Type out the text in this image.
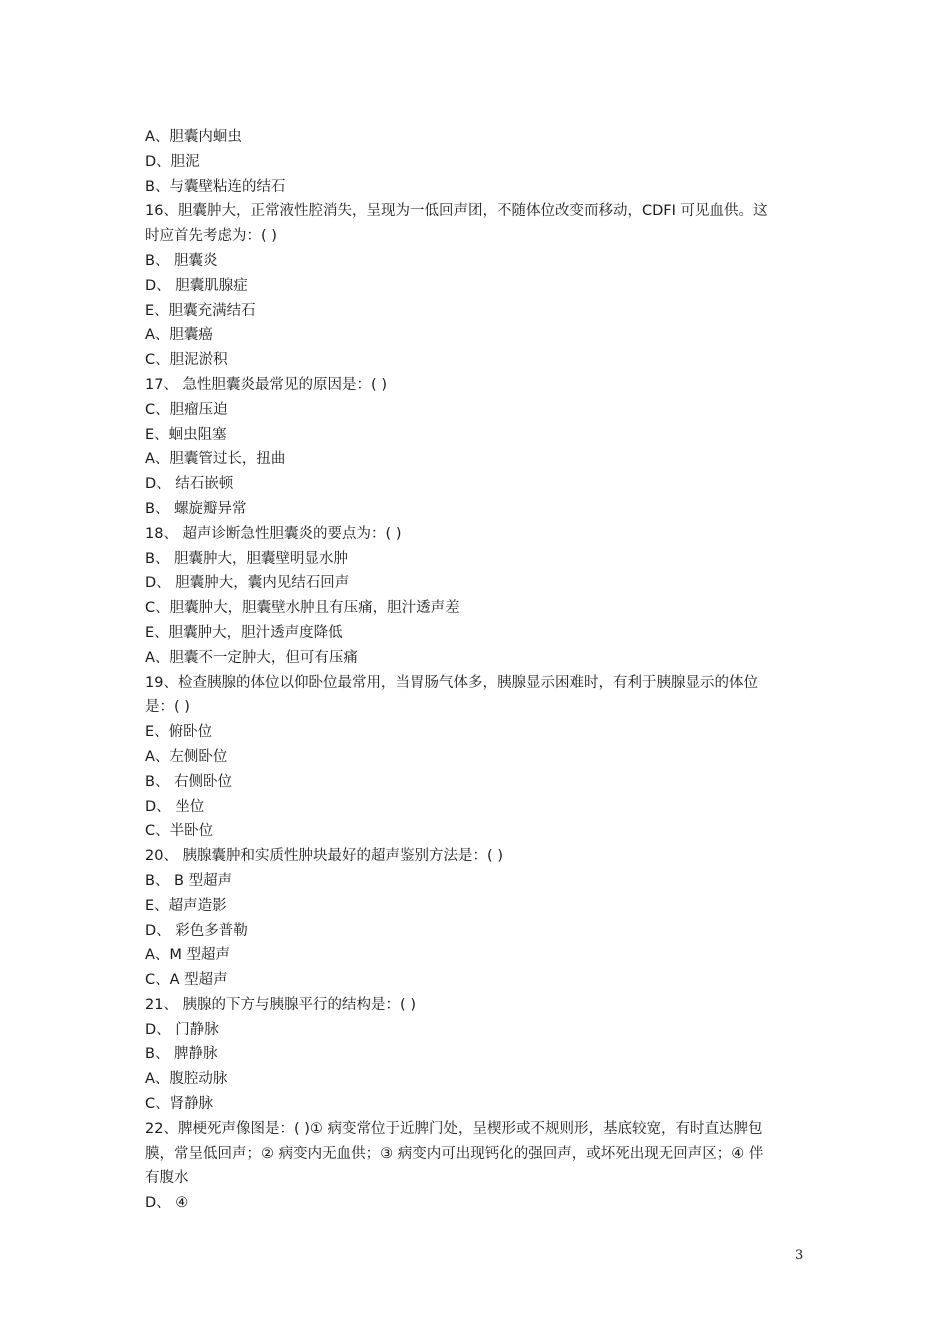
A、胆囊内蛔虫

D、胆泥

B、与囊壁粘连的结石

16、胆囊肿大，正常液性腔消失，呈现为一低回声团，不随体位改变而移动，CDFI 可见血供。这

时应首先考虑为：( )

B、 胆囊炎

D、 胆囊肌腺症

E、胆囊充满结石

A、胆囊癌

C、胆泥淤积

17、 急性胆囊炎最常见的原因是：( )

C、胆瘤压迫

E、蛔虫阻塞

A、胆囊管过长，扭曲

D、 结石嵌顿

B、 螺旋瓣异常

18、 超声诊断急性胆囊炎的要点为：( )

B、 胆囊肿大，胆囊壁明显水肿

D、 胆囊肿大，囊内见结石回声

C、胆囊肿大，胆囊壁水肿且有压痛，胆汁透声差

E、胆囊肿大，胆汁透声度降低

A、胆囊不一定肿大，但可有压痛

19、检查胰腺的体位以仰卧位最常用，当胃肠气体多，胰腺显示困难时，有利于胰腺显示的体位

是：( )

E、俯卧位

A、左侧卧位

B、 右侧卧位

D、 坐位

C、半卧位

20、 胰腺囊肿和实质性肿块最好的超声鉴别方法是：( )

B、 B 型超声

E、超声造影

D、 彩色多普勒

A、M 型超声

C、A 型超声

21、 胰腺的下方与胰腺平行的结构是：( )

D、 门静脉

B、 脾静脉

A、腹腔动脉

C、肾静脉

22、脾梗死声像图是：( )① 病变常位于近脾门处，呈楔形或不规则形，基底较宽，有时直达脾包

膜，常呈低回声；② 病变内无血供；③ 病变内可出现钙化的强回声，或坏死出现无回声区；④ 伴

有腹水

D、 ④

3
